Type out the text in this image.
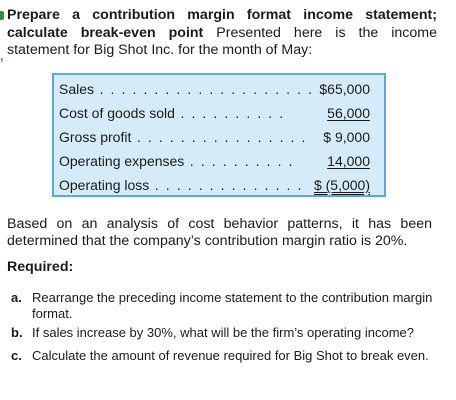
,
Prepare a contribution margin format income statement; calculate break-even point Presented here is the income statement for Big Shot Inc. for the month of May:
Sales . . . . . . . . . . . . . . . . . . . . .
$65,000
Cost of goods sold . . . . . . . . . .	56,000
Gross profit . . . . . . . . . . . . . . . . $ 9,000
Operating expenses . . . . . . . . . . 14,000
Operating loss . . . . . . . . . . . . . . $ (5,000)
Based on an analysis of cost behavior patterns, it has been determined that the company’s contribution margin ratio is 20%.
Required:
a. Rearrange the preceding income statement to the contribution margin format.
b. If sales increase by 30%, what will be the firm’s operating income?
c. Calculate the amount of revenue required for Big Shot to break even.
